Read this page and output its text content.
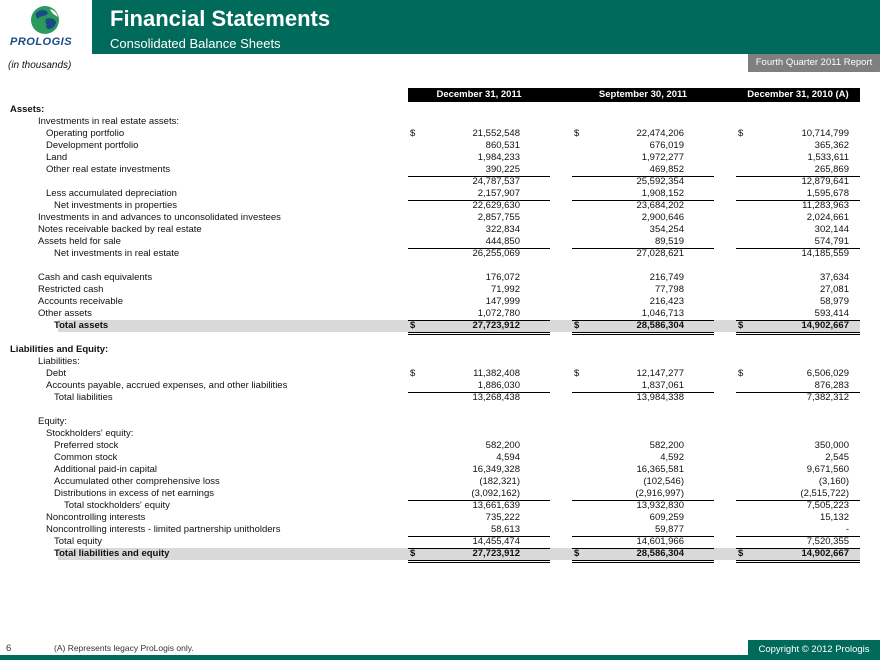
PROLOGIS
Financial Statements
Consolidated Balance Sheets
(in thousands)	Fourth Quarter 2011 Report
December 31, 2011	September 30, 2011	December 31, 2010 (A)
Assets:
Investments in real estate assets:
Operating portfolio	$	21,552,548	$	22,474,206	$	10,714,799
Development portfolio	860,531	676,019	365,362
Land	1,984,233	1,972,277	1,533,611
Other real estate investments	390,225	469,852	265,869
24,787,537	25,592,354	12,879,641
Less accumulated depreciation	2,157,907	1,908,152	1,595,678
Net investments in properties	22,629,630	23,684,202	11,283,963
Investments in and advances to unconsolidated investees	2,857,755	2,900,646	2,024,661
Notes receivable backed by real estate	322,834	354,254	302,144
Assets held for sale	444,850	89,519	574,791
Net investments in real estate	26,255,069	27,028,621	14,185,559
Cash and cash equivalents	176,072	216,749	37,634
Restricted cash	71,992	77,798	27,081
Accounts receivable	147,999	216,423	58,979
Other assets	1,072,780	1,046,713	593,414
Total assets	$	27,723,912	$	28,586,304	$	14,902,667
Liabilities and Equity:
Liabilities:
Debt	$	11,382,408	$	12,147,277	$	6,506,029
Accounts payable, accrued expenses, and other liabilities	1,886,030	1,837,061	876,283
Total liabilities	13,268,438	13,984,338	7,382,312
Equity:
Stockholders' equity:
Preferred stock	582,200	582,200	350,000
Common stock	4,594	4,592	2,545
Additional paid-in capital	16,349,328	16,365,581	9,671,560
Accumulated other comprehensive loss	(182,321)	(102,546)	(3,160)
Distributions in excess of net earnings	(3,092,162)	(2,916,997)	(2,515,722)
Total stockholders' equity	13,661,639	13,932,830	7,505,223
Noncontrolling interests	735,222	609,259	15,132
Noncontrolling interests - limited partnership unitholders	58,613	59,877	-
Total equity	14,455,474	14,601,966	7,520,355
Total liabilities and equity	$	27,723,912	$	28,586,304	$	14,902,667
6	(A) Represents legacy ProLogis only.	Copyright © 2012 Prologis
